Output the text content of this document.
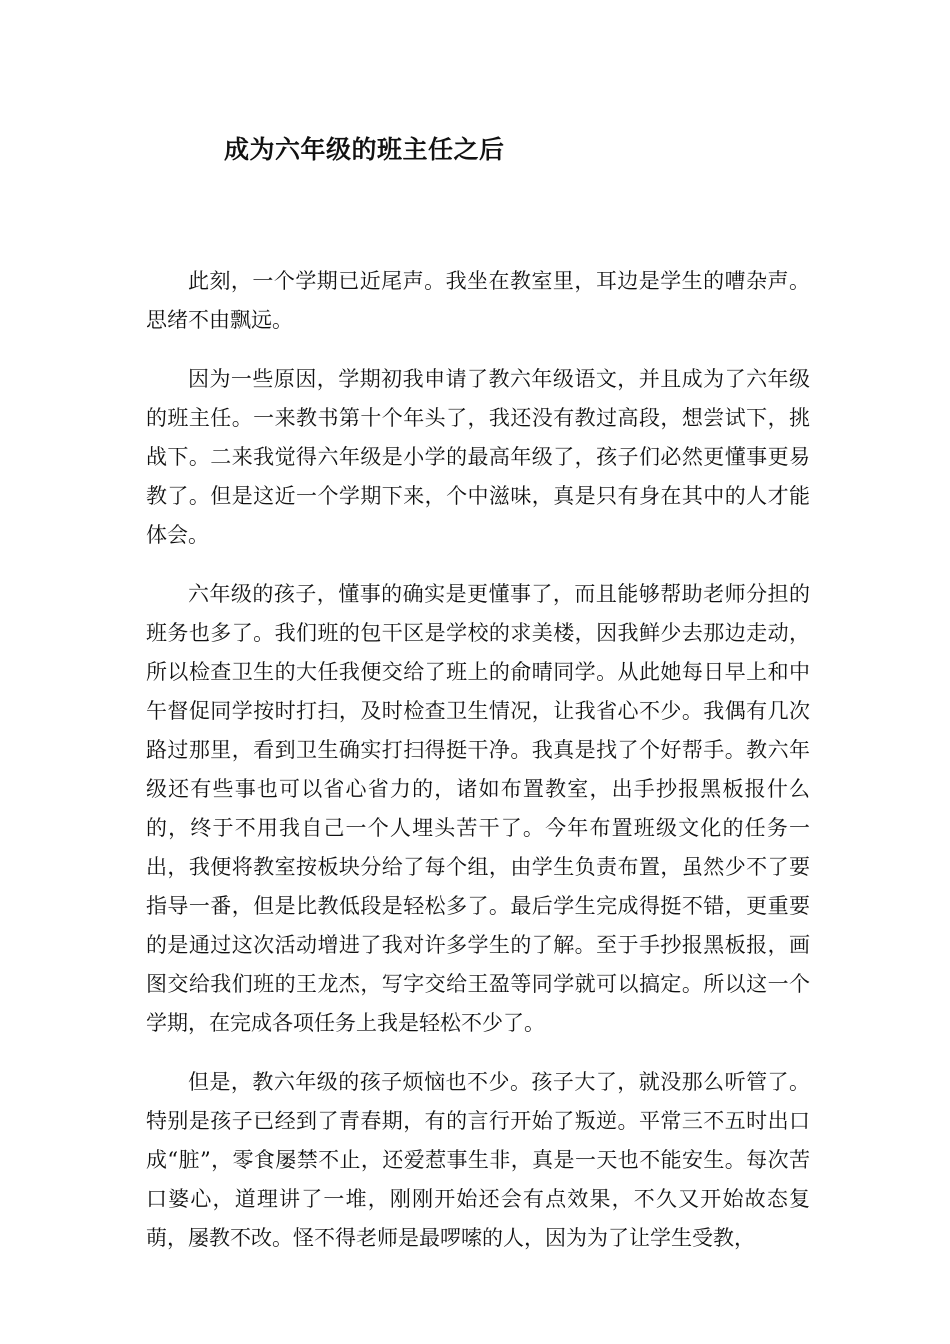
成为六年级的班主任之后

此刻，一个学期已近尾声。我坐在教室里，耳边是学生的嘈杂声。思绪不由飘远。

因为一些原因，学期初我申请了教六年级语文，并且成为了六年级的班主任。一来教书第十个年头了，我还没有教过高段，想尝试下，挑战下。二来我觉得六年级是小学的最高年级了，孩子们必然更懂事更易教了。但是这近一个学期下来，个中滋味，真是只有身在其中的人才能体会。

六年级的孩子，懂事的确实是更懂事了，而且能够帮助老师分担的班务也多了。我们班的包干区是学校的求美楼，因我鲜少去那边走动，所以检查卫生的大任我便交给了班上的俞晴同学。从此她每日早上和中午督促同学按时打扫，及时检查卫生情况，让我省心不少。我偶有几次路过那里，看到卫生确实打扫得挺干净。我真是找了个好帮手。教六年级还有些事也可以省心省力的，诸如布置教室，出手抄报黑板报什么的，终于不用我自己一个人埋头苦干了。今年布置班级文化的任务一出，我便将教室按板块分给了每个组，由学生负责布置，虽然少不了要指导一番，但是比教低段是轻松多了。最后学生完成得挺不错，更重要的是通过这次活动增进了我对许多学生的了解。至于手抄报黑板报，画图交给我们班的王龙杰，写字交给王盈等同学就可以搞定。所以这一个学期，在完成各项任务上我是轻松不少了。

但是，教六年级的孩子烦恼也不少。孩子大了，就没那么听管了。特别是孩子已经到了青春期，有的言行开始了叛逆。平常三不五时出口成“脏”，零食屡禁不止，还爱惹事生非，真是一天也不能安生。每次苦口婆心，道理讲了一堆，刚刚开始还会有点效果，不久又开始故态复萌，屡教不改。怪不得老师是最啰嗦的人，因为为了让学生受教，
